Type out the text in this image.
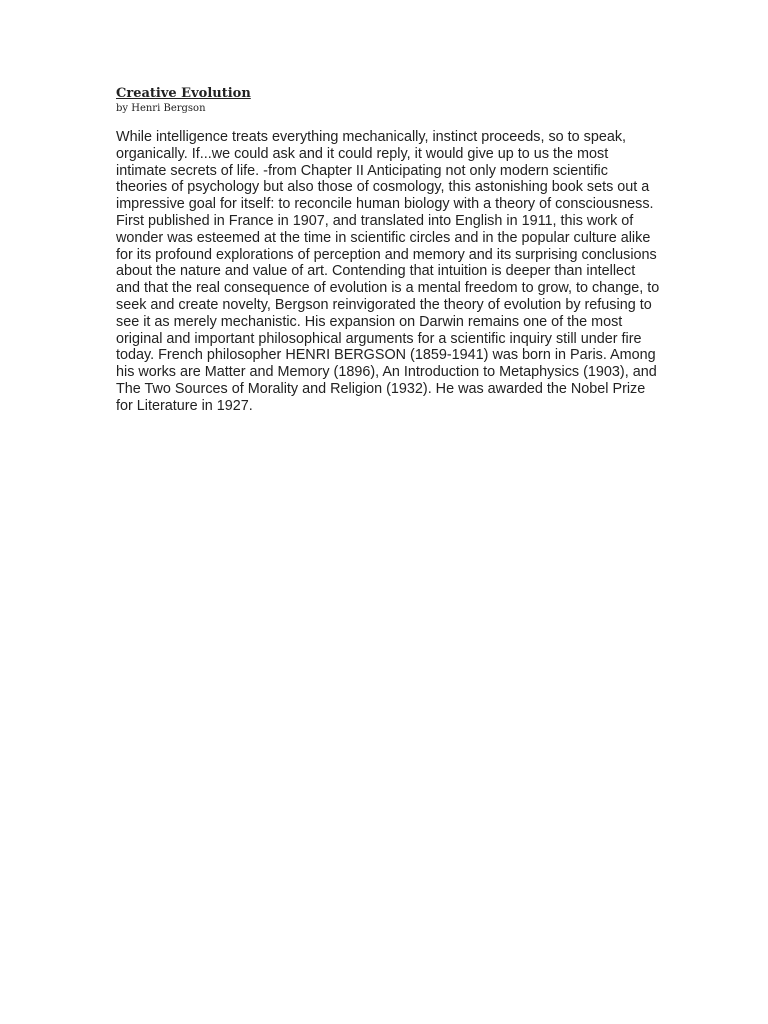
Creative Evolution
by Henri Bergson

While intelligence treats everything mechanically, instinct proceeds, so to speak, organically. If...we could ask and it could reply, it would give up to us the most intimate secrets of life. -from Chapter II Anticipating not only modern scientific theories of psychology but also those of cosmology, this astonishing book sets out a impressive goal for itself: to reconcile human biology with a theory of consciousness. First published in France in 1907, and translated into English in 1911, this work of wonder was esteemed at the time in scientific circles and in the popular culture alike for its profound explorations of perception and memory and its surprising conclusions about the nature and value of art. Contending that intuition is deeper than intellect and that the real consequence of evolution is a mental freedom to grow, to change, to seek and create novelty, Bergson reinvigorated the theory of evolution by refusing to see it as merely mechanistic. His expansion on Darwin remains one of the most original and important philosophical arguments for a scientific inquiry still under fire today. French philosopher HENRI BERGSON (1859-1941) was born in Paris. Among his works are Matter and Memory (1896), An Introduction to Metaphysics (1903), and The Two Sources of Morality and Religion (1932). He was awarded the Nobel Prize for Literature in 1927.
